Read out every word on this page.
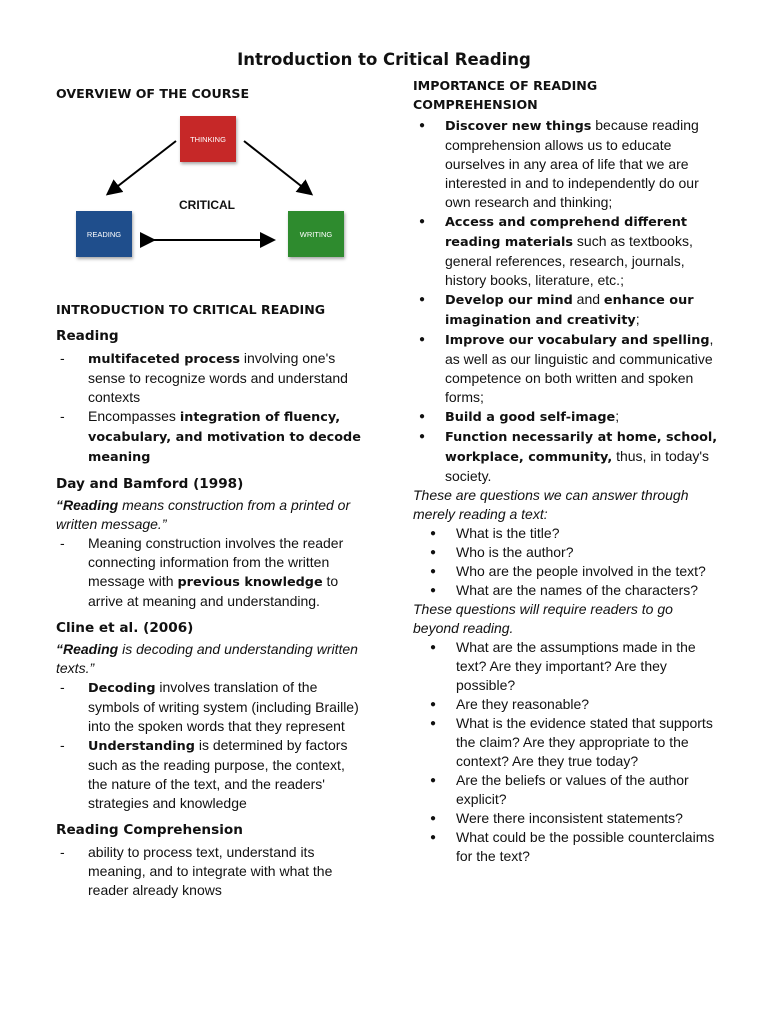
Introduction to Critical Reading
OVERVIEW OF THE COURSE
THINKING
READING	WRITING
CRITICAL
INTRODUCTION TO CRITICAL READING
Reading
- multifaceted process involving one's sense to recognize words and understand contexts
- Encompasses integration of fluency, vocabulary, and motivation to decode meaning
Day and Bamford (1998)

“Reading means construction from a printed or written message.”

- Meaning construction involves the reader connecting information from the written message with previous knowledge to arrive at meaning and understanding.
Cline et al. (2006)

“Reading is decoding and understanding written texts.”

- Decoding involves translation of the symbols of writing system (including Braille) into the spoken words that they represent
- Understanding is determined by factors such as the reading purpose, the context, the nature of the text, and the readers' strategies and knowledge
Reading Comprehension
- ability to process text, understand its meaning, and to integrate with what the reader already knows
IMPORTANCE OF READING COMPREHENSION
● Discover new things because reading comprehension allows us to educate ourselves in any area of life that we are interested in and to independently do our own research and thinking;
● Access and comprehend different reading materials such as textbooks, general references, research, journals, history books, literature, etc.;
● Develop our mind and enhance our imagination and creativity;
● Improve our vocabulary and spelling, as well as our linguistic and communicative competence on both written and spoken forms;
● Build a good self-image;
● Function necessarily at home, school, workplace, community, thus, in today's society.

These are questions we can answer through merely reading a text:

● What is the title?
● Who is the author?
● Who are the people involved in the text?
● What are the names of the characters?

These questions will require readers to go beyond reading.

● What are the assumptions made in the text? Are they important? Are they possible?
● Are they reasonable?
● What is the evidence stated that supports the claim? Are they appropriate to the context? Are they true today?
● Are the beliefs or values of the author explicit?
● Were there inconsistent statements?
● What could be the possible counterclaims for the text?
